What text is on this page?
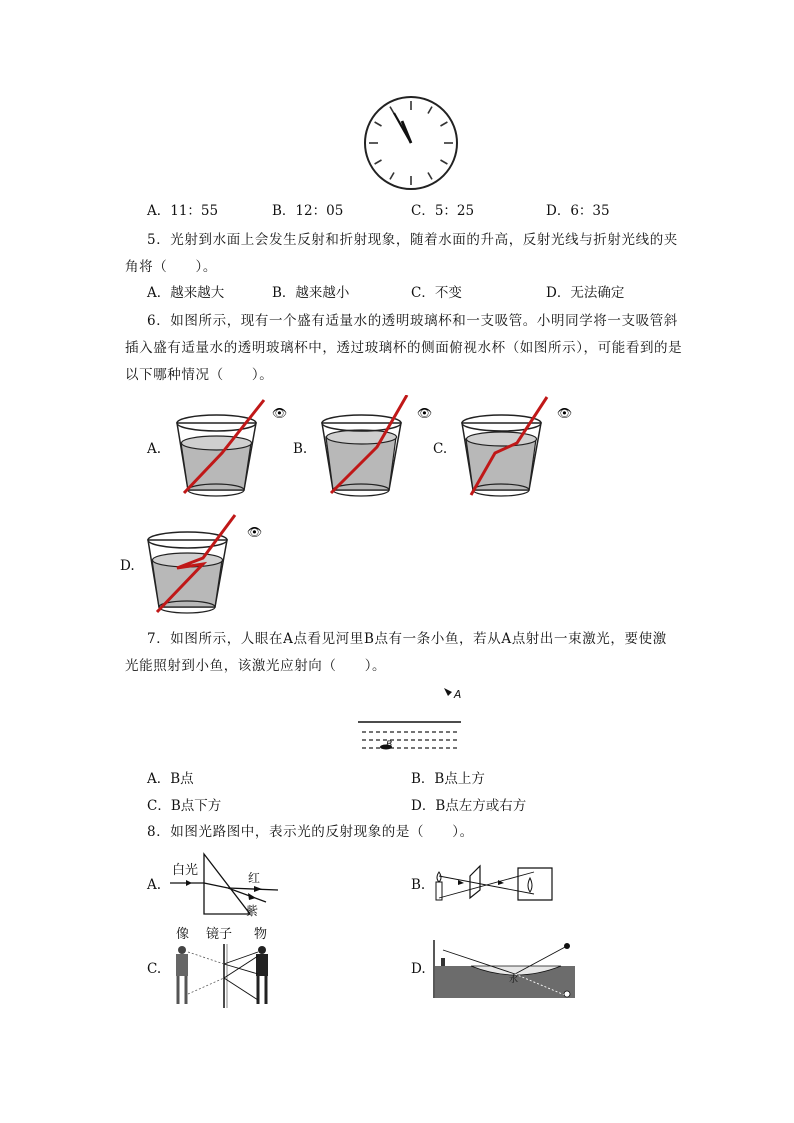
A．11：55	B．12：05	C．5：25	D．6：35
5．光射到水面上会发生反射和折射现象，随着水面的升高，反射光线与折射光线的夹
角将（　　）。
A．越来越大	B．越来越小	C．不变	D．无法确定
6．如图所示，现有一个盛有适量水的透明玻璃杯和一支吸管。小明同学将一支吸管斜
插入盛有适量水的透明玻璃杯中，透过玻璃杯的侧面俯视水杯（如图所示），可能看到的是
以下哪种情况（　　）。
A.
👁
B.
👁
C.
👁
D.
👁
7．如图所示，人眼在A点看见河里B点有一条小鱼，若从A点射出一束激光，要使激
光能照射到小鱼，该激光应射向（　　）。
A
B
A．B点	B．B点上方
C．B点下方	D．B点左方或右方
8．如图光路图中，表示光的反射现象的是（　　）。
A.
白光	红
紫
B.
C.
像 镜子 物
D.
水
